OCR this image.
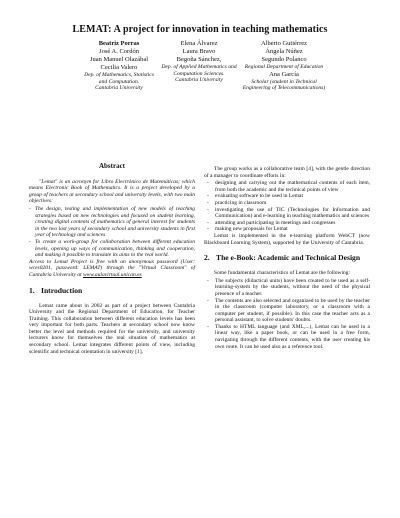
LEMAT: A project for innovation in teaching mathematics
Beatriz Porras
José A. Cordón
Juan Manuel Olazábal
Cecilia Valero
Dep. of Mathematics, Statistics
and Computation.
Cantabria University
Elena Álvarez
Laura Bravo
Begoña Sánchez,
Dep. of Applied Mathematics and
Computation Sciences.
Cantabria University
Alberto Gutiérrez
Ángela Núñez
Segundo Polanco
Regional Department of Education
Ana García
Scholar (student in Technical
Engineering of Telecommunications)
Abstract

"Lemat" is an acronym for Libro Electrónico de Matemáticas; which means Electronic Book of Mathematics. It is a project developed by a group of teachers at secondary school and university levels, with two main objectives:

- The design, testing and implementation of new models of teaching strategies based on new technologies and focused on student learning, creating digital contents of mathematics of general interest for students in the two last years of secondary school and university students in first year of technology and sciences
- To create a work-group for collaboration between different education levels, opening up ways of communication, thinking and cooperation, and making it possible to translate its aims to the real world.

Access to Lemat Project is free with an anonymous password (User: wces0201, password: LEMAT) through the "Virtual Classroom" of Cantabria University at www.aulavirtual.unican.es

1. Introduction

Lemat came about in 2002 as part of a project between Cantabria University and the Regional Department of Education, for Teacher Training. This collaboration between different education levels has been very important for both parts. Teachers at secondary school now know better the level and methods required for the university, and university lecturers know for themselves the real situation of mathematics at secondary school. Lemat integrates different points of view, including scientific and technical orientation in university [1].

The group works as a collaborative team [4], with the gentle direction of a manager to coordinate efforts in:

-	designing and carrying out the mathematical contents of each item, from both the academic and the technical points of view
-	evaluating software to be used in Lemat
-	practicing in classroom
-	investigating the use of TIC (Technologies for Information and Communication) and e-learning in teaching mathematics and sciences
-	attending and participating in meetings and congresses
-	making new proposals for Lemat

Lemat is implemented in the e-learning platform WebCT (now Blackboard Learning System), supported by the University of Cantabria.

2. The e-Book: Academic and Technical Design

Some fundamental characteristics of Lemat are the following:

-	The subjects (didactical units) have been created to be used as a self-learning-system by the students, without the need of the physical presence of a teacher.
-	The contents are also selected and organized to be used by the teacher in the classroom (computer laboratory, or a classroom with a computer per student, if possible). In this case the teacher acts as a personal assistant, to solve students' doubts.
-	Thanks to HTML language (and XML,...), Lemat can be used in a linear way, like a paper book, or can be used in a free form, navigating through the different contents, with the user creating his own route. It can be used also as a reference tool.
